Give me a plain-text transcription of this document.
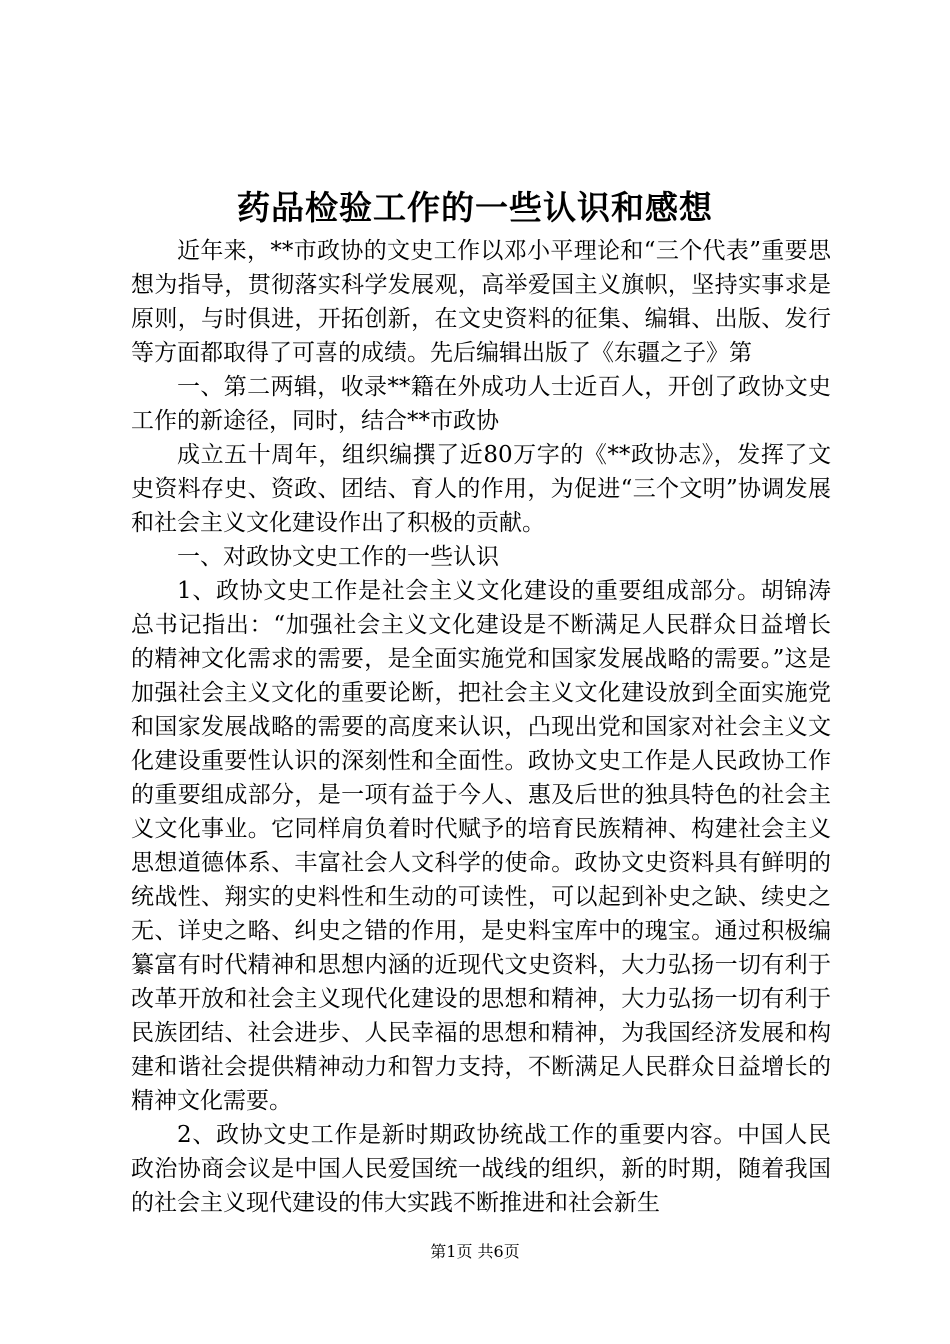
药品检验工作的一些认识和感想

近年来，**市政协的文史工作以邓小平理论和“三个代表”重要思想为指导，贯彻落实科学发展观，高举爱国主义旗帜，坚持实事求是原则，与时俱进，开拓创新，在文史资料的征集、编辑、出版、发行等方面都取得了可喜的成绩。先后编辑出版了《东疆之子》第

一、第二两辑，收录**籍在外成功人士近百人，开创了政协文史工作的新途径，同时，结合**市政协

成立五十周年，组织编撰了近80万字的《**政协志》，发挥了文史资料存史、资政、团结、育人的作用，为促进“三个文明”协调发展和社会主义文化建设作出了积极的贡献。

一、对政协文史工作的一些认识

1、政协文史工作是社会主义文化建设的重要组成部分。胡锦涛总书记指出：“加强社会主义文化建设是不断满足人民群众日益增长的精神文化需求的需要，是全面实施党和国家发展战略的需要。”这是加强社会主义文化的重要论断，把社会主义文化建设放到全面实施党和国家发展战略的需要的高度来认识，凸现出党和国家对社会主义文化建设重要性认识的深刻性和全面性。政协文史工作是人民政协工作的重要组成部分，是一项有益于今人、惠及后世的独具特色的社会主义文化事业。它同样肩负着时代赋予的培育民族精神、构建社会主义思想道德体系、丰富社会人文科学的使命。政协文史资料具有鲜明的统战性、翔实的史料性和生动的可读性，可以起到补史之缺、续史之无、详史之略、纠史之错的作用，是史料宝库中的瑰宝。通过积极编纂富有时代精神和思想内涵的近现代文史资料，大力弘扬一切有利于改革开放和社会主义现代化建设的思想和精神，大力弘扬一切有利于民族团结、社会进步、人民幸福的思想和精神，为我国经济发展和构建和谐社会提供精神动力和智力支持，不断满足人民群众日益增长的精神文化需要。

2、政协文史工作是新时期政协统战工作的重要内容。中国人民政治协商会议是中国人民爱国统一战线的组织，新的时期，随着我国的社会主义现代建设的伟大实践不断推进和社会新生

第1页 共6页
